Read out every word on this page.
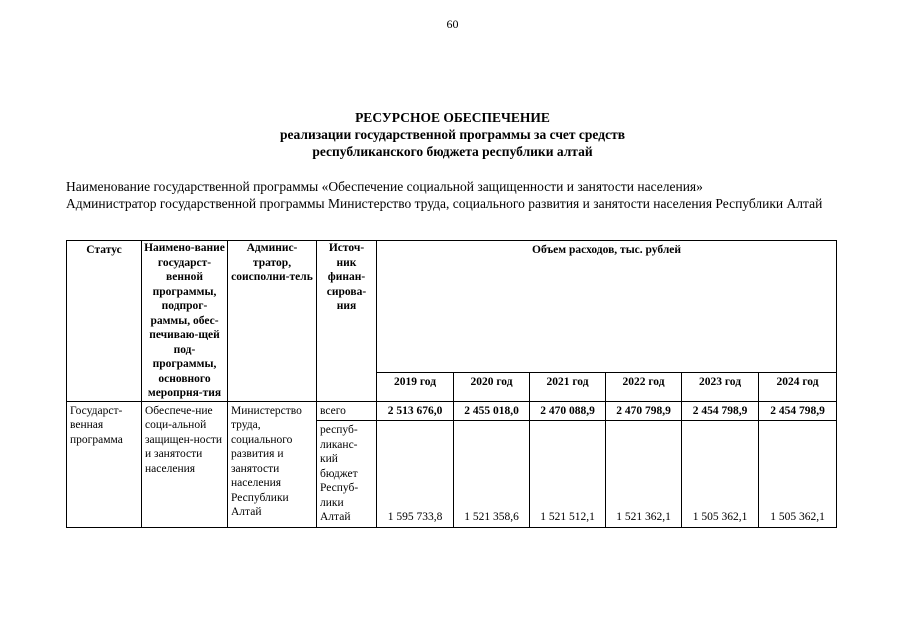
60
РЕСУРСНОЕ ОБЕСПЕЧЕНИЕ
реализации государственной программы за счет средств
республиканского бюджета республики алтай
Наименование государственной программы «Обеспечение социальной защищенности и занятости населения»
Администратор государственной программы Министерство труда, социального развития и занятости населения Республики Алтай
Статус	Наимено-вание государст-венной программы, подпрог-раммы, обес-печиваю-щей под-программы, основного меропрня-тия	Админис-тратор, соисполни-тель	Источ-ник финан-сирова-ния	Объем расходов, тыс. рублей					
				2019 год	2020 год	2021 год	2022 год	2023 год	2024 год
Государст-венная программа	Обеспече-ние соци-альной защищен-ности и занятости населения	Министерство труда, социального развития и занятости населения Республики Алтай	всего	2 513 676,0	2 455 018,0	2 470 088,9	2 470 798,9	2 454 798,9	2 454 798,9
			респуб-ликанс-кий бюджет Респуб-лики Алтай	1 595 733,8	1 521 358,6	1 521 512,1	1 521 362,1	1 505 362,1	1 505 362,1
